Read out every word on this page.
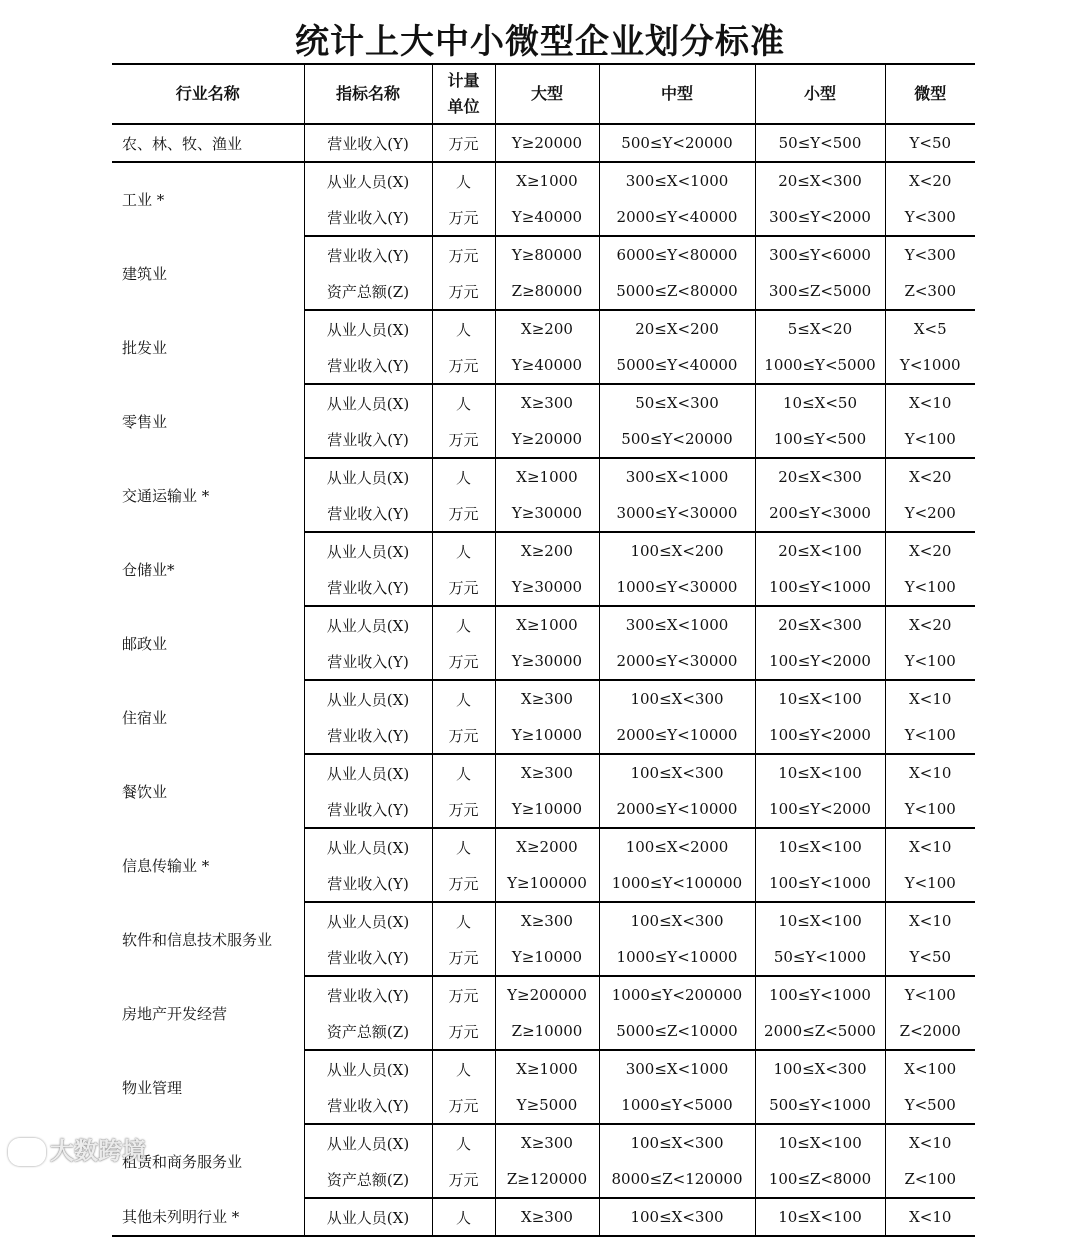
统计上大中小微型企业划分标准
行业名称	指标名称	计量单位	大型	中型	小型	微型
农、林、牧、渔业	营业收入(Y)	万元	Y≥20000	500≤Y<20000	50≤Y<500	Y<50
工业 *	从业人员(X)	人	X≥1000	300≤X<1000	20≤X<300	X<20
	营业收入(Y)	万元	Y≥40000	2000≤Y<40000	300≤Y<2000	Y<300
建筑业	营业收入(Y)	万元	Y≥80000	6000≤Y<80000	300≤Y<6000	Y<300
	资产总额(Z)	万元	Z≥80000	5000≤Z<80000	300≤Z<5000	Z<300
批发业	从业人员(X)	人	X≥200	20≤X<200	5≤X<20	X<5
	营业收入(Y)	万元	Y≥40000	5000≤Y<40000	1000≤Y<5000	Y<1000
零售业	从业人员(X)	人	X≥300	50≤X<300	10≤X<50	X<10
	营业收入(Y)	万元	Y≥20000	500≤Y<20000	100≤Y<500	Y<100
交通运输业 *	从业人员(X)	人	X≥1000	300≤X<1000	20≤X<300	X<20
	营业收入(Y)	万元	Y≥30000	3000≤Y<30000	200≤Y<3000	Y<200
仓储业*	从业人员(X)	人	X≥200	100≤X<200	20≤X<100	X<20
	营业收入(Y)	万元	Y≥30000	1000≤Y<30000	100≤Y<1000	Y<100
邮政业	从业人员(X)	人	X≥1000	300≤X<1000	20≤X<300	X<20
	营业收入(Y)	万元	Y≥30000	2000≤Y<30000	100≤Y<2000	Y<100
住宿业	从业人员(X)	人	X≥300	100≤X<300	10≤X<100	X<10
	营业收入(Y)	万元	Y≥10000	2000≤Y<10000	100≤Y<2000	Y<100
餐饮业	从业人员(X)	人	X≥300	100≤X<300	10≤X<100	X<10
	营业收入(Y)	万元	Y≥10000	2000≤Y<10000	100≤Y<2000	Y<100
信息传输业 *	从业人员(X)	人	X≥2000	100≤X<2000	10≤X<100	X<10
	营业收入(Y)	万元	Y≥100000	1000≤Y<100000	100≤Y<1000	Y<100
软件和信息技术服务业	从业人员(X)	人	X≥300	100≤X<300	10≤X<100	X<10
	营业收入(Y)	万元	Y≥10000	1000≤Y<10000	50≤Y<1000	Y<50
房地产开发经营	营业收入(Y)	万元	Y≥200000	1000≤Y<200000	100≤Y<1000	Y<100
	资产总额(Z)	万元	Z≥10000	5000≤Z<10000	2000≤Z<5000	Z<2000
物业管理	从业人员(X)	人	X≥1000	300≤X<1000	100≤X<300	X<100
	营业收入(Y)	万元	Y≥5000	1000≤Y<5000	500≤Y<1000	Y<500
租赁和商务服务业	从业人员(X)	人	X≥300	100≤X<300	10≤X<100	X<10
	资产总额(Z)	万元	Z≥120000	8000≤Z<120000	100≤Z<8000	Z<100
其他未列明行业 *	从业人员(X)	人	X≥300	100≤X<300	10≤X<100	X<10
大数跨境
